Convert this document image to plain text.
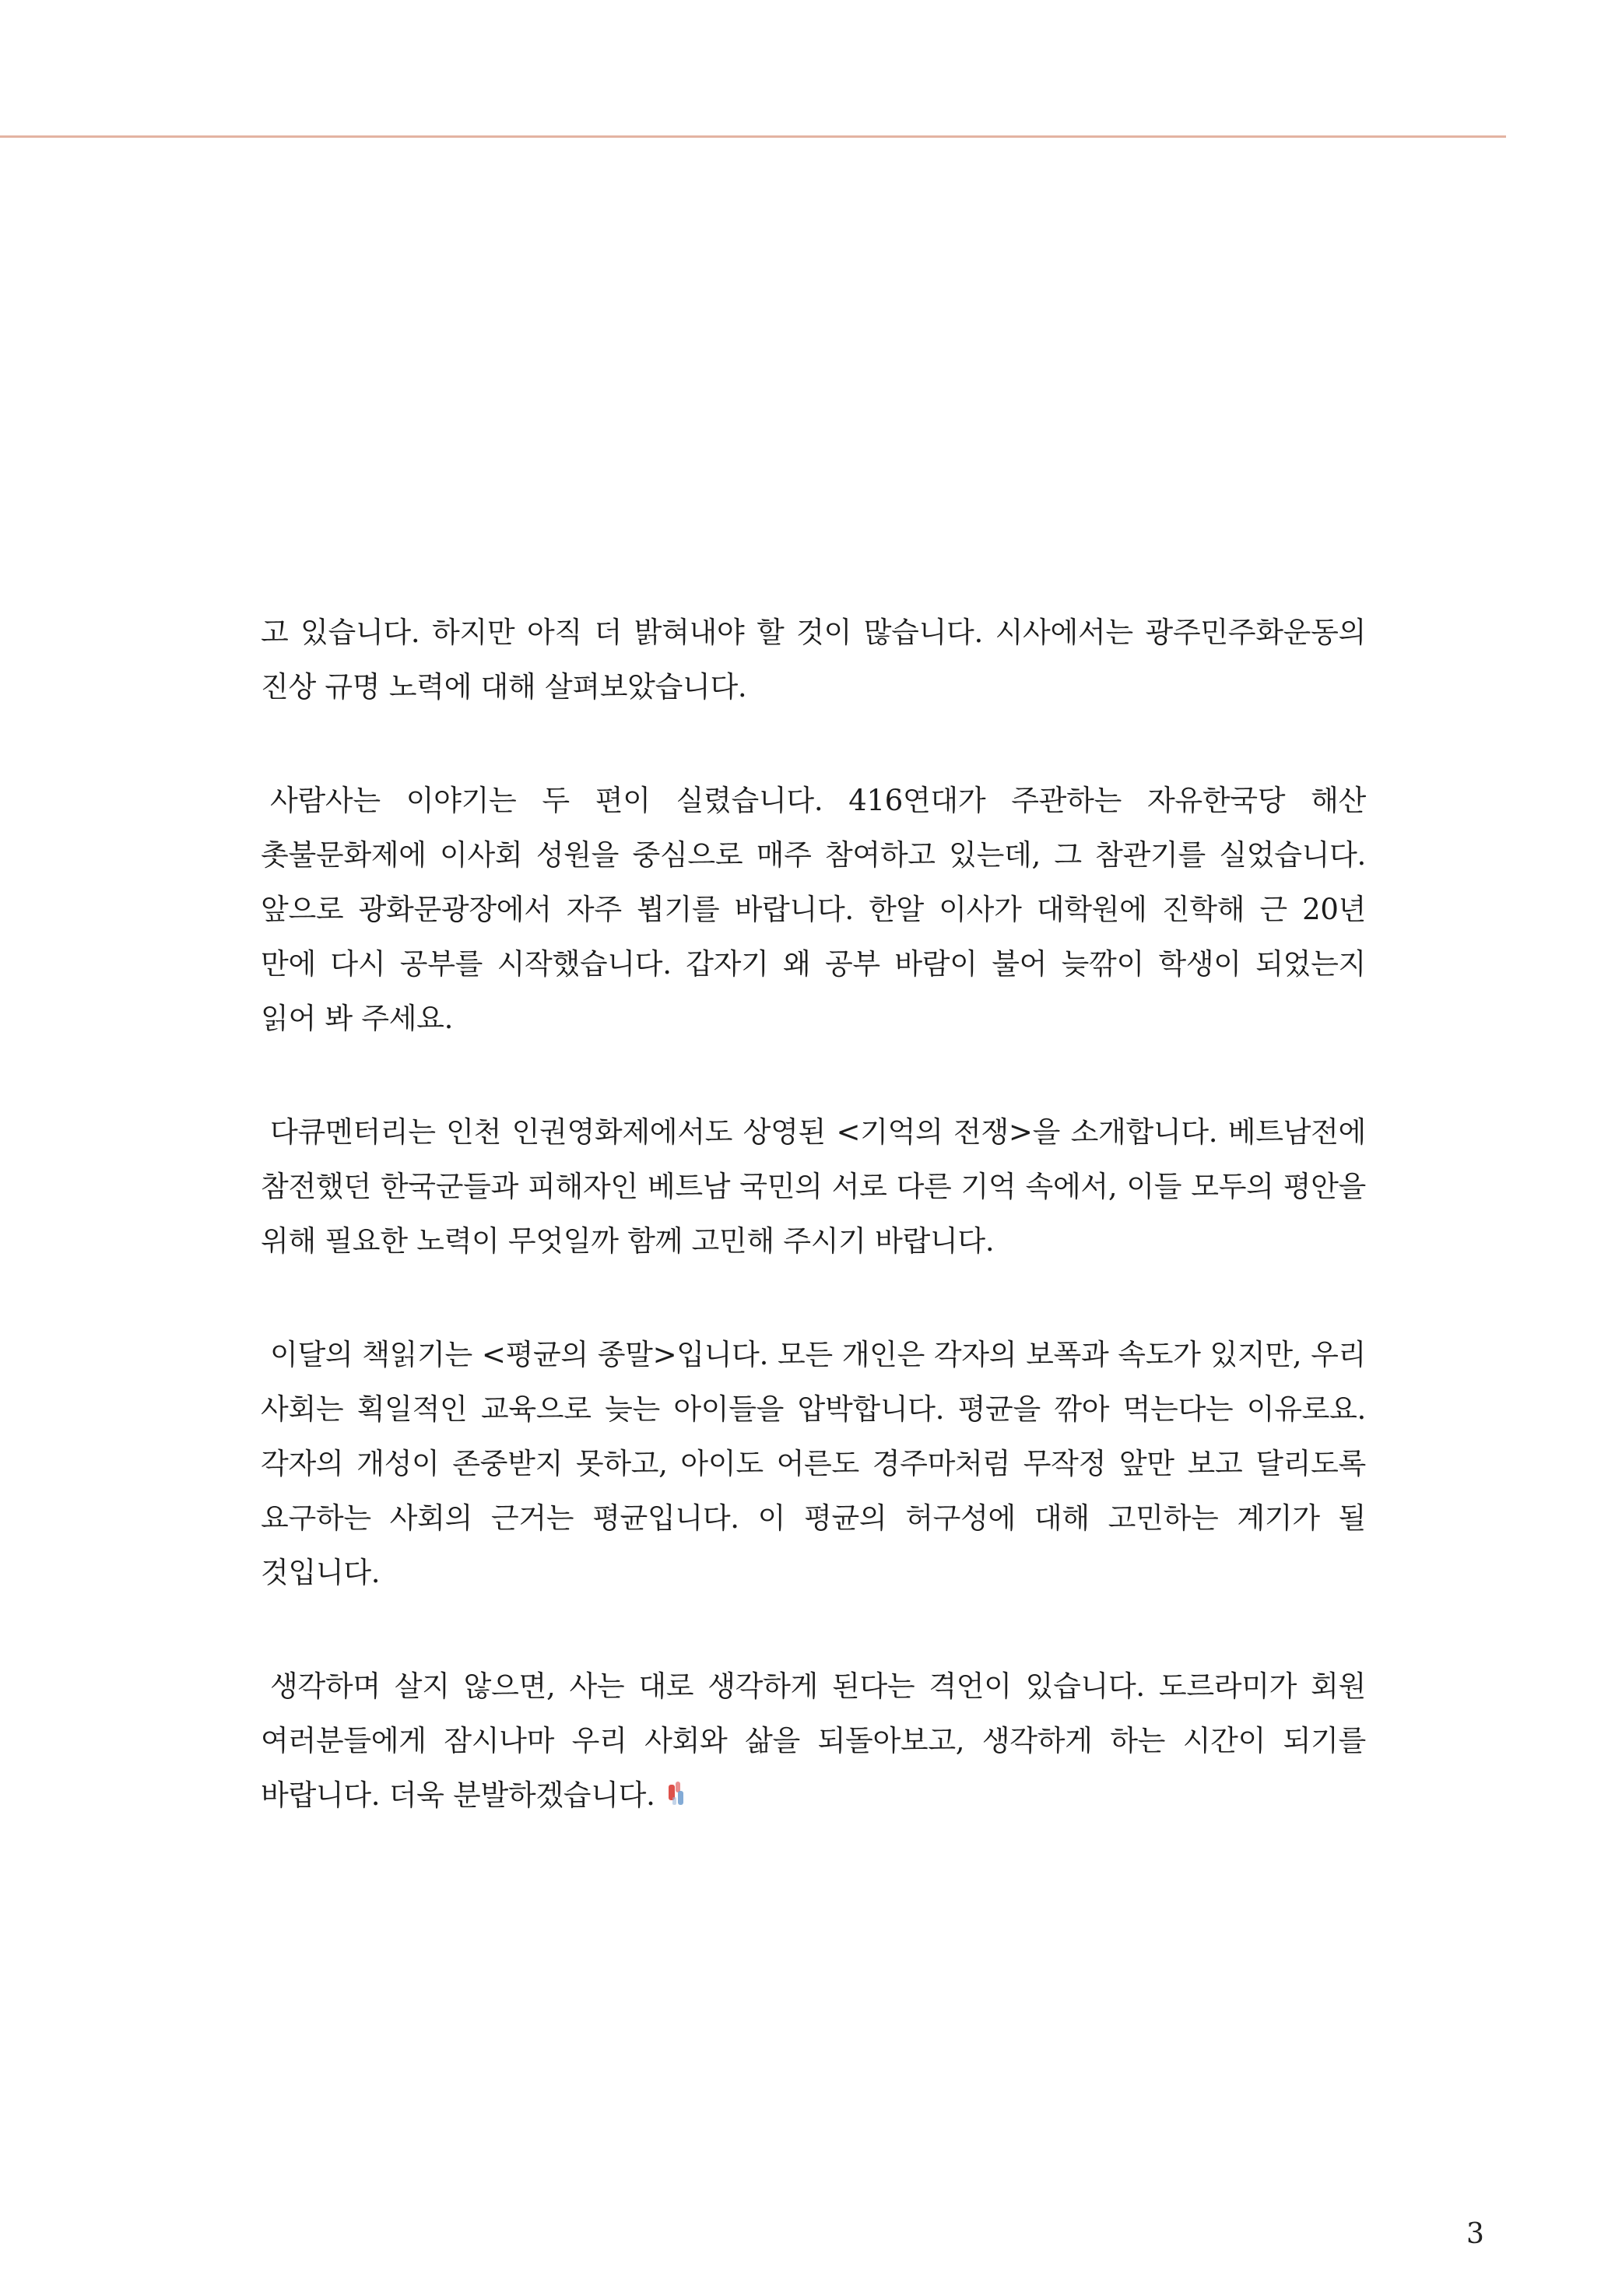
고 있습니다. 하지만 아직 더 밝혀내야 할 것이 많습니다. 시사에서는 광주민주화운동의 진상 규명 노력에 대해 살펴보았습니다.

사람사는 이야기는 두 편이 실렸습니다. 416연대가 주관하는 자유한국당 해산 촛불문화제에 이사회 성원을 중심으로 매주 참여하고 있는데, 그 참관기를 실었습니다. 앞으로 광화문광장에서 자주 뵙기를 바랍니다. 한알 이사가 대학원에 진학해 근 20년 만에 다시 공부를 시작했습니다. 갑자기 왜 공부 바람이 불어 늦깎이 학생이 되었는지 읽어 봐 주세요.

다큐멘터리는 인천 인권영화제에서도 상영된 <기억의 전쟁>을 소개합니다. 베트남전에 참전했던 한국군들과 피해자인 베트남 국민의 서로 다른 기억 속에서, 이들 모두의 평안을 위해 필요한 노력이 무엇일까 함께 고민해 주시기 바랍니다.

이달의 책읽기는 <평균의 종말>입니다. 모든 개인은 각자의 보폭과 속도가 있지만, 우리 사회는 획일적인 교육으로 늦는 아이들을 압박합니다. 평균을 깎아 먹는다는 이유로요. 각자의 개성이 존중받지 못하고, 아이도 어른도 경주마처럼 무작정 앞만 보고 달리도록 요구하는 사회의 근거는 평균입니다. 이 평균의 허구성에 대해 고민하는 계기가 될 것입니다.

생각하며 살지 않으면, 사는 대로 생각하게 된다는 격언이 있습니다. 도르라미가 회원 여러분들에게 잠시나마 우리 사회와 삶을 되돌아보고, 생각하게 하는 시간이 되기를 바랍니다. 더욱 분발하겠습니다.

3
